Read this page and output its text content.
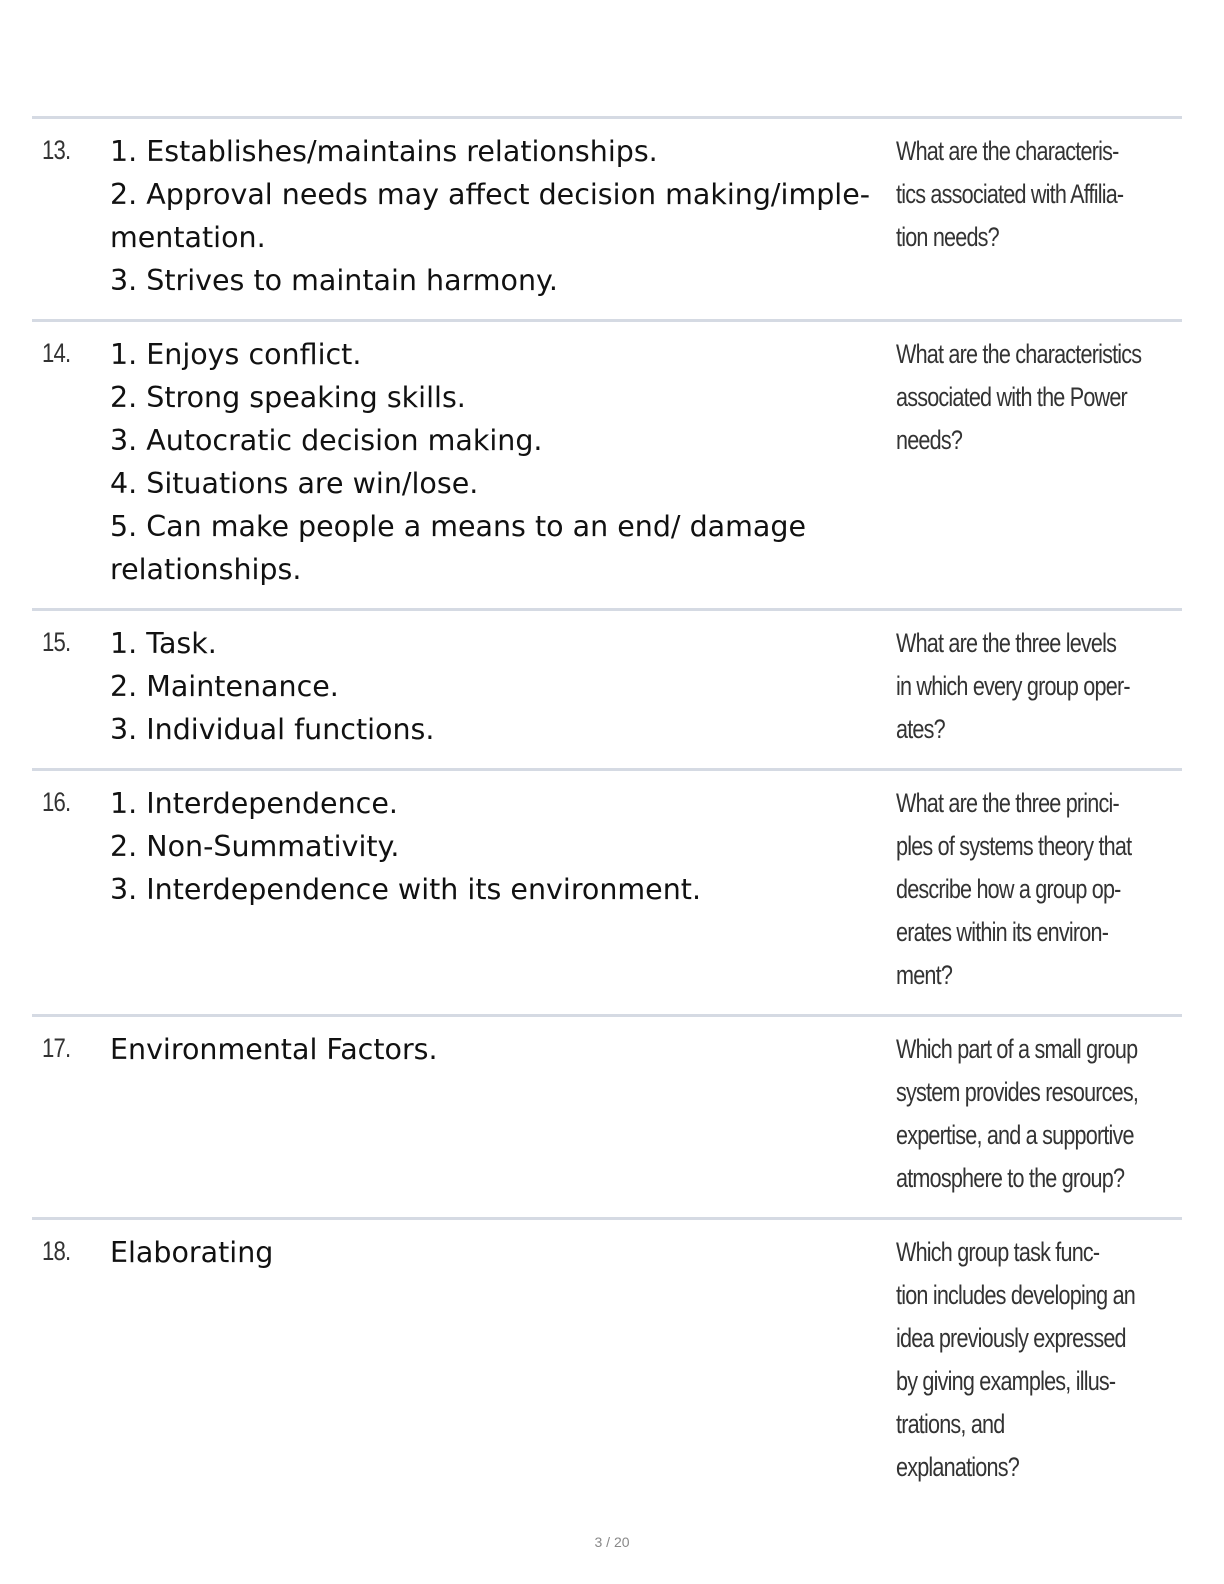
13. 1. Establishes/maintains relationships.
2. Approval needs may affect decision making/imple-
mentation.
3. Strives to maintain harmony.
What are the characteris-
tics associated with Affilia-
tion needs?
14. 1. Enjoys conflict.
2. Strong speaking skills.
3. Autocratic decision making.
4. Situations are win/lose.
5. Can make people a means to an end/ damage
relationships.
What are the characteristics
associated with the Power
needs?
15. 1. Task.
2. Maintenance.
3. Individual functions.
What are the three levels
in which every group oper-
ates?
16. 1. Interdependence.
2. Non-Summativity.
3. Interdependence with its environment.
What are the three princi-
ples of systems theory that
describe how a group op-
erates within its environ-
ment?
17. Environmental Factors.	Which part of a small group
system provides resources,
expertise, and a supportive
atmosphere to the group?
18. Elaborating	Which group task func-
tion includes developing an
idea previously expressed
by giving examples, illus-
trations, and
explanations?
3 / 20
